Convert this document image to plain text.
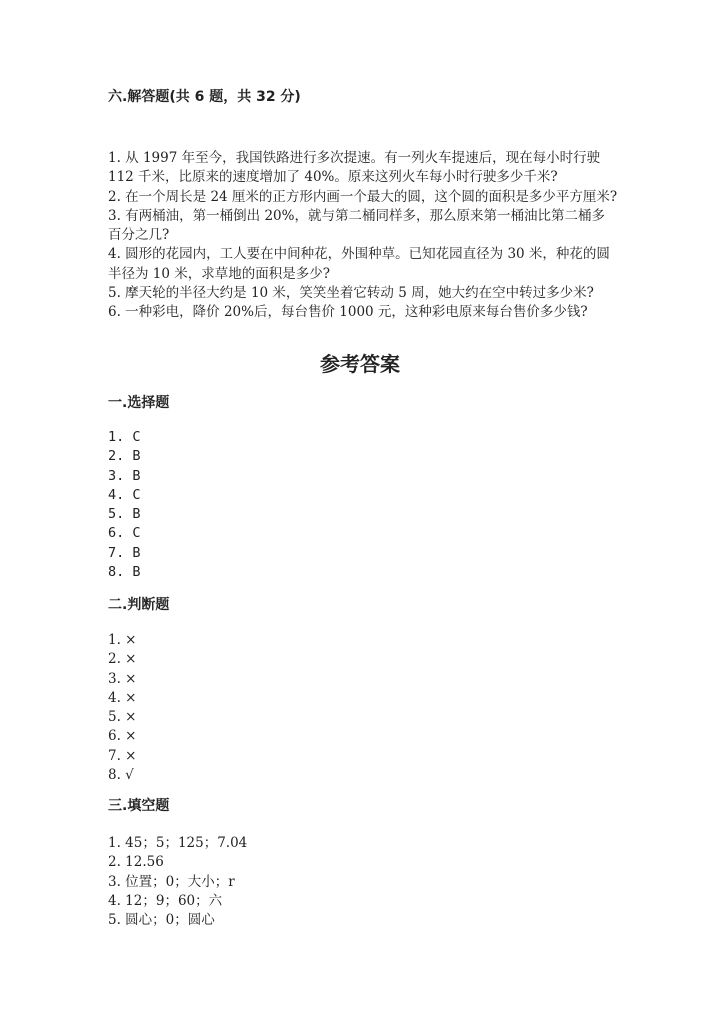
六.解答题(共 6 题，共 32 分)

1. 从 1997 年至今，我国铁路进行多次提速。有一列火车提速后，现在每小时行驶 112 千米，比原来的速度增加了 40%。原来这列火车每小时行驶多少千米?

2. 在一个周长是 24 厘米的正方形内画一个最大的圆，这个圆的面积是多少平方厘米?

3. 有两桶油，第一桶倒出 20%，就与第二桶同样多，那么原来第一桶油比第二桶多百分之几?

4. 圆形的花园内，工人要在中间种花，外围种草。已知花园直径为 30 米，种花的圆半径为 10 米，求草地的面积是多少?

5. 摩天轮的半径大约是 10 米，笑笑坐着它转动 5 周，她大约在空中转过多少米?

6. 一种彩电，降价 20%后，每台售价 1000 元，这种彩电原来每台售价多少钱?

参考答案
一.选择题

1. C

2. B

3. B

4. C

5. B

6. C

7. B

8. B

二.判断题

1. ×

2. ×

3. ×

4. ×

5. ×

6. ×

7. ×

8. √

三.填空题

1. 45；5；125；7.04

2. 12.56

3. 位置；0；大小；r

4. 12；9；60；六

5. 圆心；0；圆心
